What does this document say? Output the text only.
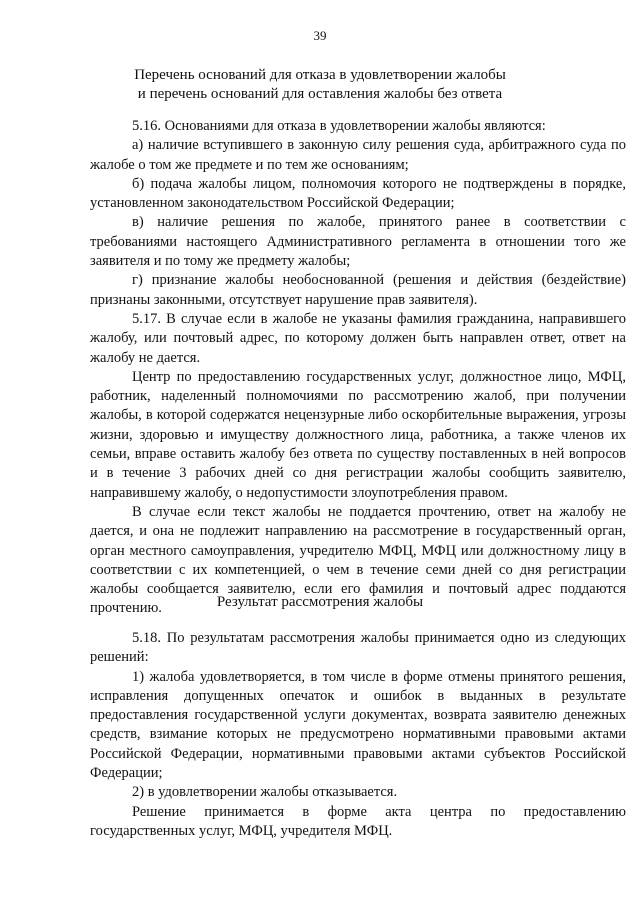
39
Перечень оснований для отказа в удовлетворении жалобы
и перечень оснований для оставления жалобы без ответа

5.16. Основаниями для отказа в удовлетворении жалобы являются:

а) наличие вступившего в законную силу решения суда, арбитражного суда по жалобе о том же предмете и по тем же основаниям;

б) подача жалобы лицом, полномочия которого не подтверждены в порядке, установленном законодательством Российской Федерации;

в) наличие решения по жалобе, принятого ранее в соответствии с требованиями настоящего Административного регламента в отношении того же заявителя и по тому же предмету жалобы;

г) признание жалобы необоснованной (решения и действия (бездействие) признаны законными, отсутствует нарушение прав заявителя).

5.17. В случае если в жалобе не указаны фамилия гражданина, направившего жалобу, или почтовый адрес, по которому должен быть направлен ответ, ответ на жалобу не дается.

Центр по предоставлению государственных услуг, должностное лицо, МФЦ, работник, наделенный полномочиями по рассмотрению жалоб, при получении жалобы, в которой содержатся нецензурные либо оскорбительные выражения, угрозы жизни, здоровью и имуществу должностного лица, работника, а также членов их семьи, вправе оставить жалобу без ответа по существу поставленных в ней вопросов и в течение 3 рабочих дней со дня регистрации жалобы сообщить заявителю, направившему жалобу, о недопустимости злоупотребления правом.

В случае если текст жалобы не поддается прочтению, ответ на жалобу не дается, и она не подлежит направлению на рассмотрение в государственный орган, орган местного самоуправления, учредителю МФЦ, МФЦ или должностному лицу в соответствии с их компетенцией, о чем в течение семи дней со дня регистрации жалобы сообщается заявителю, если его фамилия и почтовый адрес поддаются прочтению.	Результат рассмотрения жалобы

5.18. По результатам рассмотрения жалобы принимается одно из следующих решений:

1) жалоба удовлетворяется, в том числе в форме отмены принятого решения, исправления допущенных опечаток и ошибок в выданных в результате предоставления государственной услуги документах, возврата заявителю денежных средств, взимание которых не предусмотрено нормативными правовыми актами Российской Федерации, нормативными правовыми актами субъектов Российской Федерации;

2) в удовлетворении жалобы отказывается.

Решение принимается в форме акта центра по предоставлению государственных услуг, МФЦ, учредителя МФЦ.
